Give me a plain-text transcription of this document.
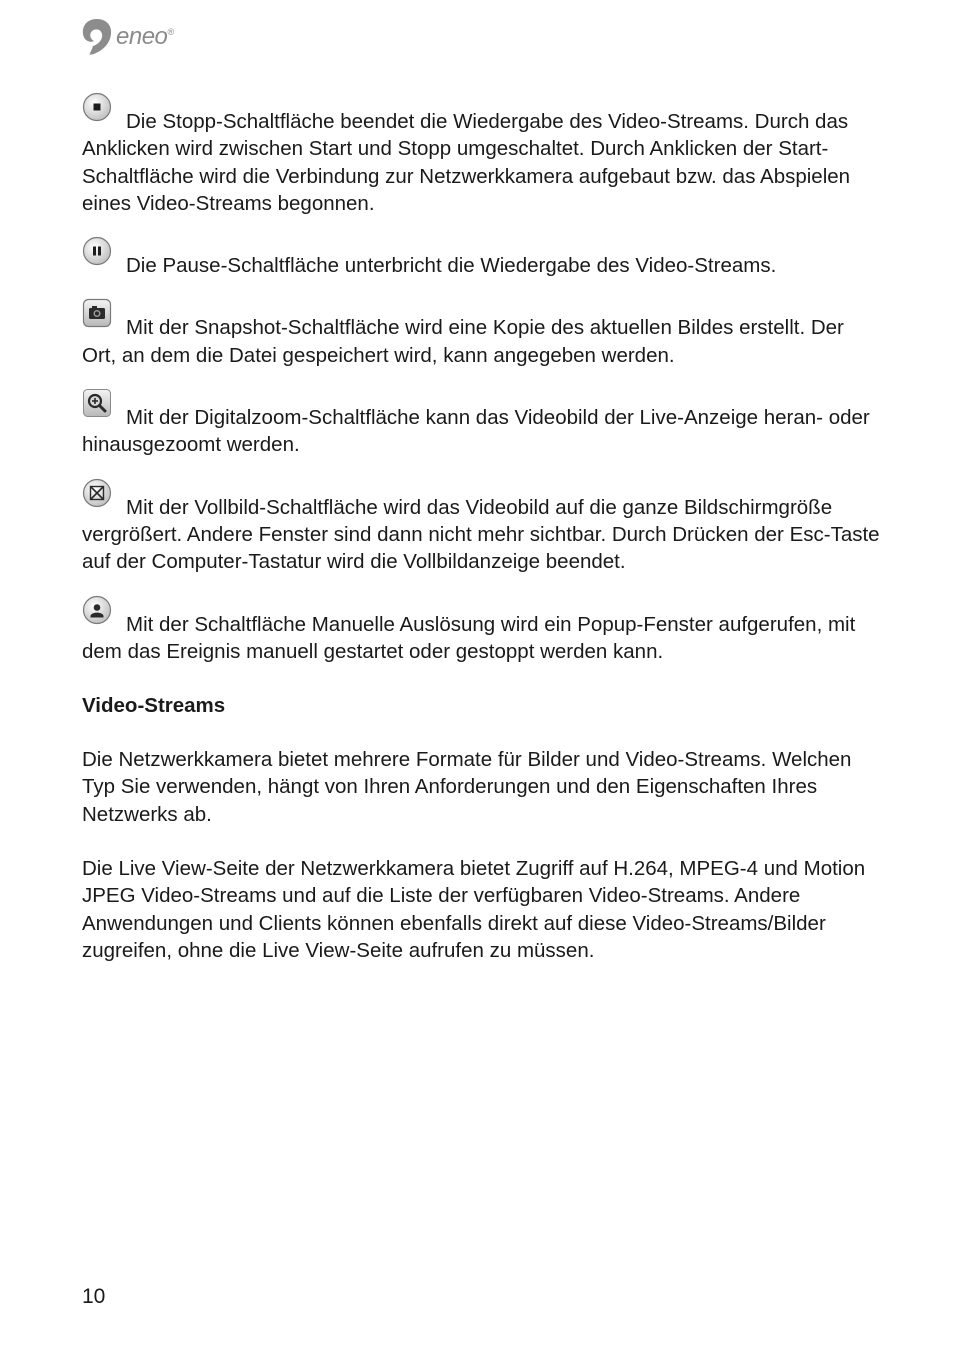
eneo®

Die Stopp-Schaltfläche beendet die Wiedergabe des Video-Streams. Durch das Anklicken wird zwischen Start und Stopp umgeschaltet. Durch Anklicken der Start-Schaltfläche wird die Verbindung zur Netzwerkkamera aufgebaut bzw. das Abspielen eines Video-Streams begonnen.

Die Pause-Schaltfläche unterbricht die Wiedergabe des Video-Streams.

Mit der Snapshot-Schaltfläche wird eine Kopie des aktuellen Bildes erstellt. Der Ort, an dem die Datei gespeichert wird, kann angegeben werden.

Mit der Digitalzoom-Schaltfläche kann das Videobild der Live-Anzeige heran- oder hinausgezoomt werden.

Mit der Vollbild-Schaltfläche wird das Videobild auf die ganze Bildschirmgröße vergrößert. Andere Fenster sind dann nicht mehr sichtbar. Durch Drücken der Esc-Taste auf der Computer-Tastatur wird die Vollbildanzeige beendet.

Mit der Schaltfläche Manuelle Auslösung wird ein Popup-Fenster aufgerufen, mit dem das Ereignis manuell gestartet oder gestoppt werden kann.

Video-Streams

Die Netzwerkkamera bietet mehrere Formate für Bilder und Video-Streams. Welchen Typ Sie verwenden, hängt von Ihren Anforderungen und den Eigenschaften Ihres Netzwerks ab.

Die Live View-Seite der Netzwerkkamera bietet Zugriff auf H.264, MPEG-4 und Motion JPEG Video-Streams und auf die Liste der verfügbaren Video-Streams. Andere Anwendungen und Clients können ebenfalls direkt auf diese Video-Streams/Bilder zugreifen, ohne die Live View-Seite aufrufen zu müssen.

10
